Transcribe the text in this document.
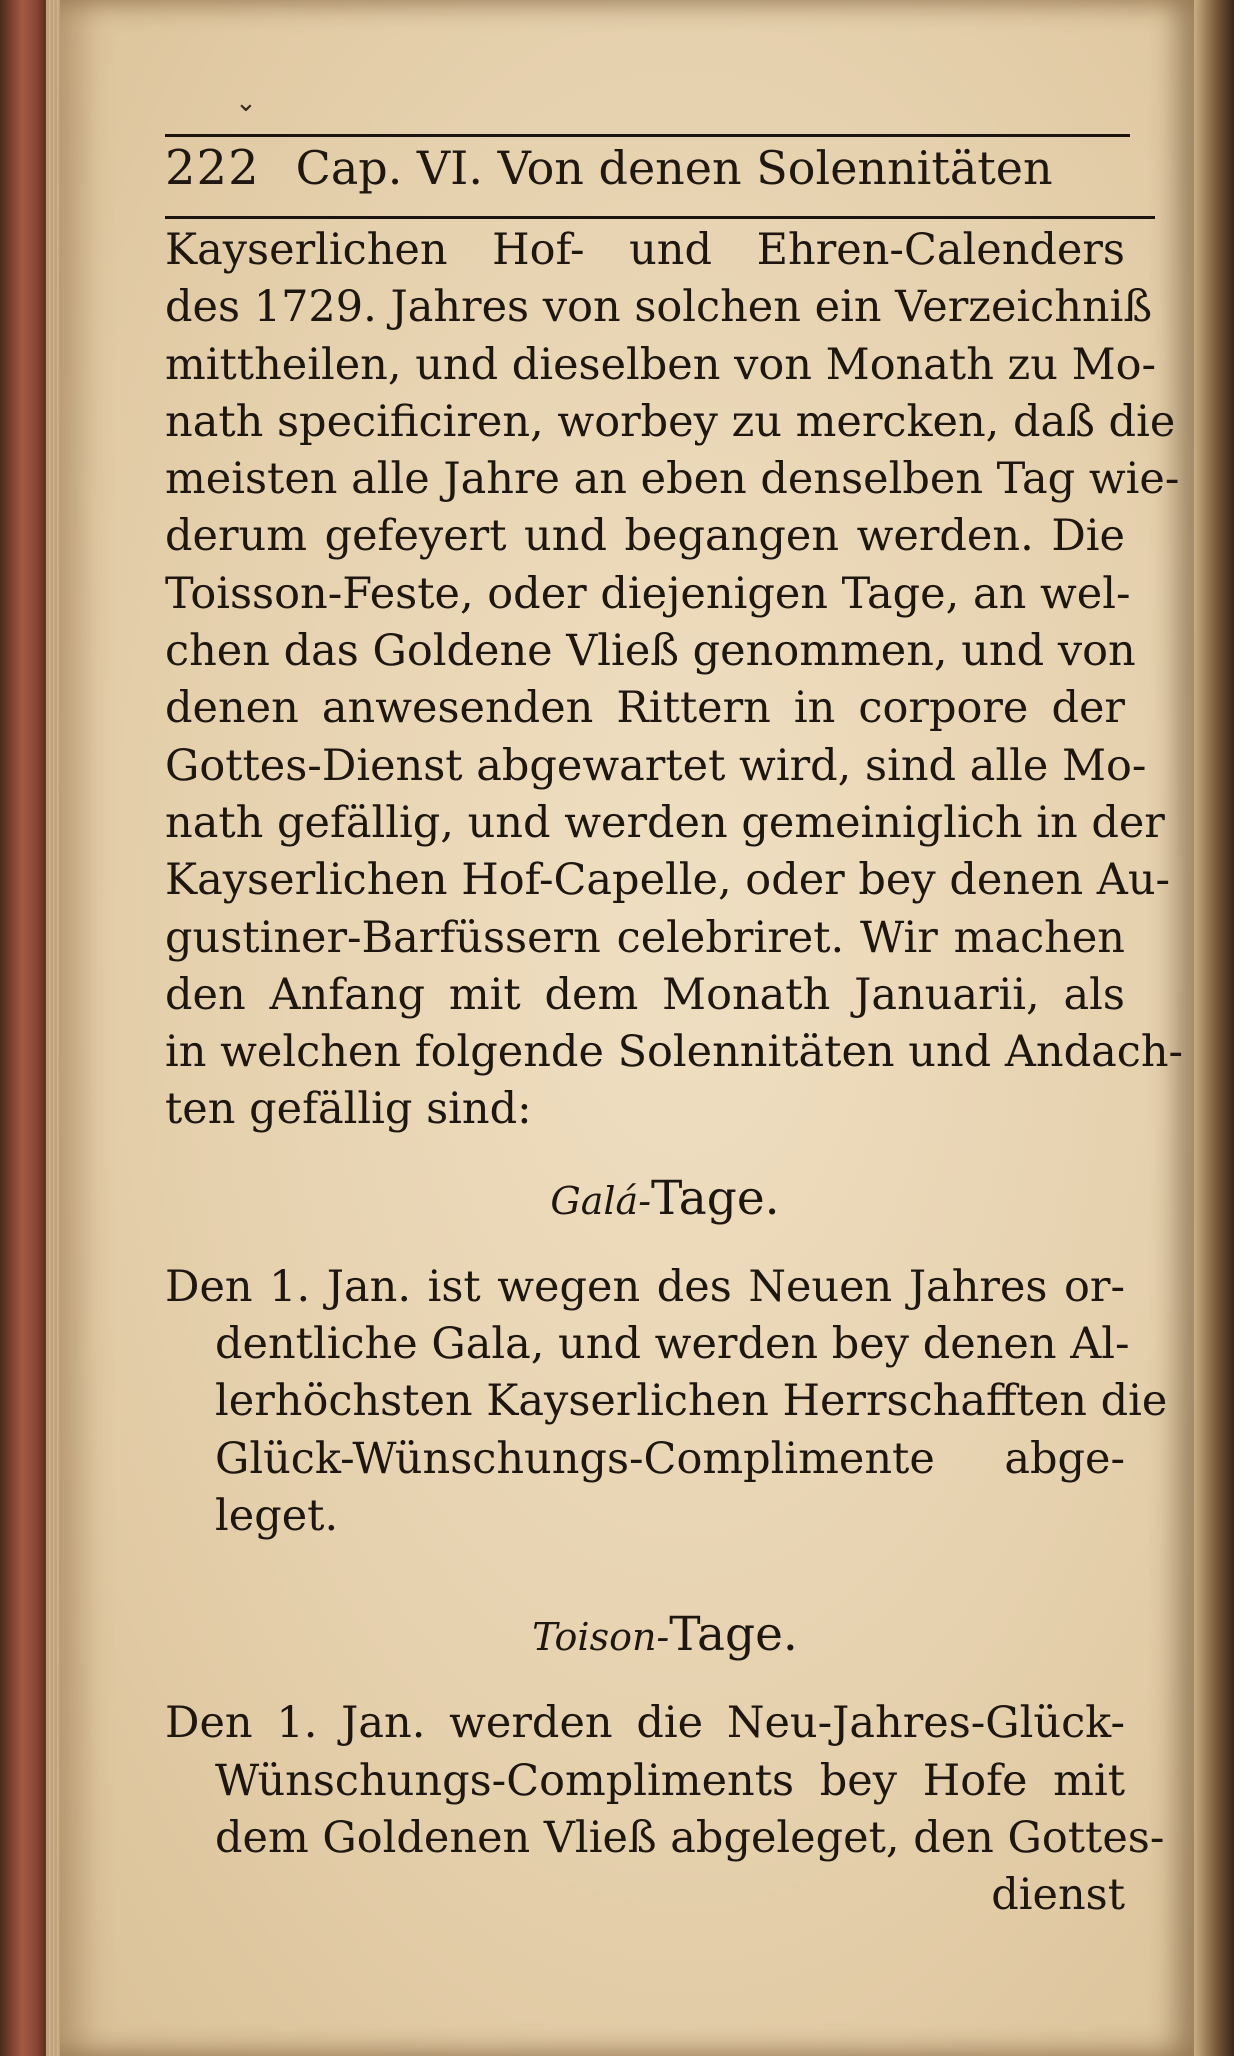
⌄
222 Cap. VI. Von denen Solennitäten
Kayserlichen Hof- und Ehren-Calenders
des 1729. Jahres von solchen ein Verzeichniß
mittheilen, und dieselben von Monath zu Mo-
nath specificiren, worbey zu mercken, daß die
meisten alle Jahre an eben denselben Tag wie-
derum gefeyert und begangen werden. Die
Toisson-Feste, oder diejenigen Tage, an wel-
chen das Goldene Vließ genommen, und von
denen anwesenden Rittern in corpore der
Gottes-Dienst abgewartet wird, sind alle Mo-
nath gefällig, und werden gemeiniglich in der
Kayserlichen Hof-Capelle, oder bey denen Au-
gustiner-Barfüssern celebriret. Wir machen
den Anfang mit dem Monath Januarii, als
in welchen folgende Solennitäten und Andach-
ten gefällig sind:
Galá-Tage.
Den 1. Jan. ist wegen des Neuen Jahres or-
dentliche Gala, und werden bey denen Al-
lerhöchsten Kayserlichen Herrschafften die
Glück-Wünschungs-Complimente abge-
leget.
Toison-Tage.
Den 1. Jan. werden die Neu-Jahres-Glück-
Wünschungs-Compliments bey Hofe mit
dem Goldenen Vließ abgeleget, den Gottes-
dienst
